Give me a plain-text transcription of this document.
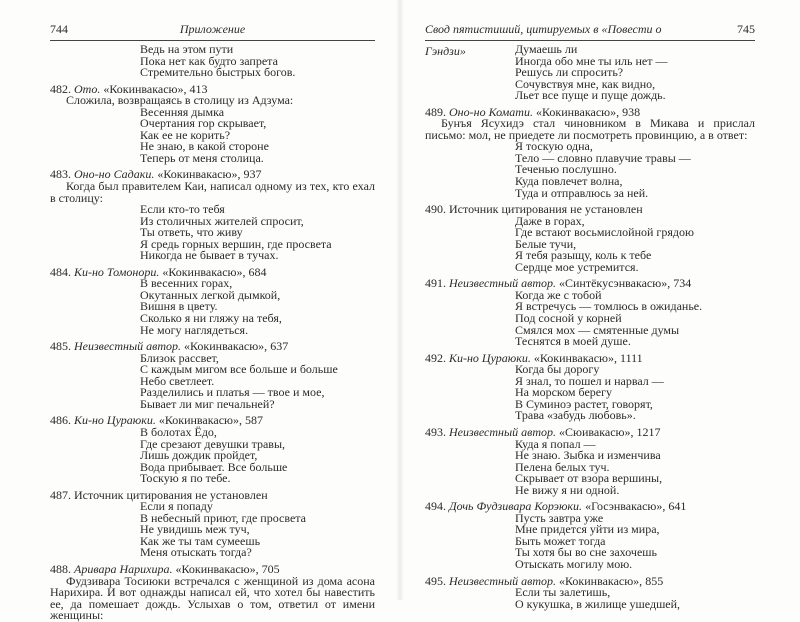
744	Приложение
Ведь на этом пути
Пока нет как будто запрета
Стремительно быстрых богов.
482. Ото. «Кокинвакасю», 413

Сложила, возвращаясь в столицу из Адзума:

Весенняя дымка
Очертания гор скрывает,
Как ее не корить?
Не знаю, в какой стороне
Теперь от меня столица.
483. Оно-но Садаки. «Кокинвакасю», 937

Когда был правителем Каи, написал одному из тех, кто ехал в столицу:

Если кто-то тебя
Из столичных жителей спросит,
Ты ответь, что живу
Я средь горных вершин, где просвета
Никогда не бывает в тучах.
484. Ки-но Томонори. «Кокинвакасю», 684
В весенних горах,
Окутанных легкой дымкой,
Вишня в цвету.
Сколько я ни гляжу на тебя,
Не могу наглядеться.
485. Неизвестный автор. «Кокинвакасю», 637
Близок рассвет,
С каждым мигом все больше и больше
Небо светлеет.
Разделились и платья — твое и мое,
Бывает ли миг печальней?
486. Ки-но Цураюки. «Кокинвакасю», 587
В болотах Ёдо,
Где срезают девушки травы,
Лишь дождик пройдет,
Вода прибывает. Все больше
Тоскую я по тебе.
487. Источник цитирования не установлен
Если я попаду
В небесный приют, где просвета
Не увидишь меж туч,
Как же ты там сумеешь
Меня отыскать тогда?
488. Аривара Нарихира. «Кокинвакасю», 705

Фудзивара Тосиюки встречался с женщиной из дома асона Нарихира. И вот однажды написал ей, что хотел бы навестить ее, да помешает дождь. Услыхав о том, ответил от имени женщины:

Свод пятистиший, цитируемых в «Повести о Гэндзи»
745
Думаешь ли
Иногда обо мне ты иль нет —
Решусь ли спросить?
Сочувствуя мне, как видно,
Льет все пуще и пуще дождь.
489. Оно-но Комати. «Кокинвакасю», 938

Бунъя Ясухидэ стал чиновником в Микава и прислал письмо: мол, не приедете ли посмотреть провинцию, а в ответ:

Я тоскую одна,
Тело — словно плавучие травы —
Теченью послушно.
Куда повлечет волна,
Туда и отправлюсь за ней.
490. Источник цитирования не установлен
Даже в горах,
Где встают восьмислойной грядою
Белые тучи,
Я тебя разыщу, коль к тебе
Сердце мое устремится.
491. Неизвестный автор. «Синтёкусэнвакасю», 734
Когда же с тобой
Я встречусь — томлюсь в ожиданье.
Под сосной у корней
Смялся мох — смятенные думы
Теснятся в моей душе.
492. Ки-но Цураюки. «Кокинвакасю», 1111
Когда бы дорогу
Я знал, то пошел и нарвал —
На морском берегу
В Суминоэ растет, говорят,
Трава «забудь любовь».
493. Неизвестный автор. «Сюивакасю», 1217
Куда я попал —
Не знаю. Зыбка и изменчива
Пелена белых туч.
Скрывает от взора вершины,
Не вижу я ни одной.
494. Дочь Фудзивара Корэюки. «Госэнвакасю», 641
Пусть завтра уже
Мне придется уйти из мира,
Быть может тогда
Ты хотя бы во сне захочешь
Отыскать могилу мою.
495. Неизвестный автор. «Кокинвакасю», 855
Если ты залетишь,
О кукушка, в жилище ушедшей,
